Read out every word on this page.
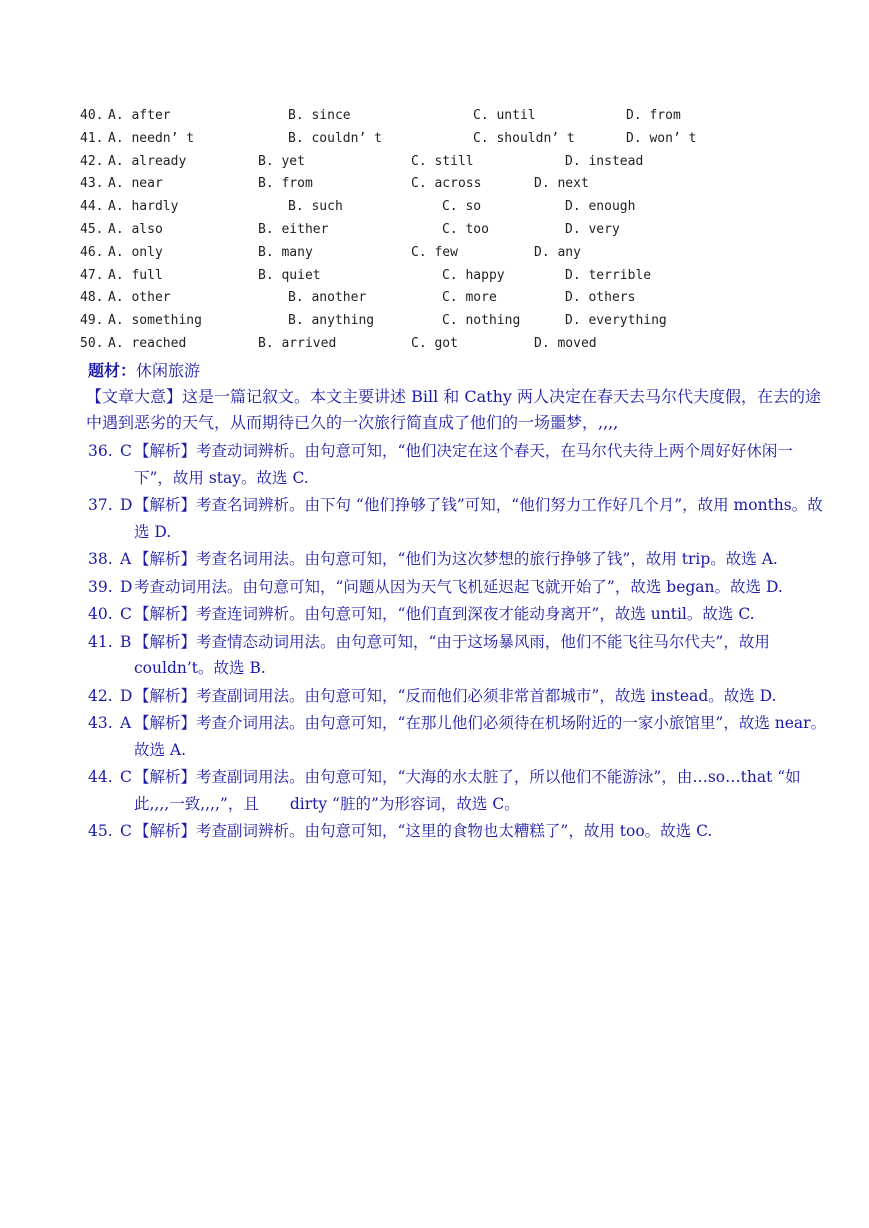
40. A. after	B. since	C. until	D. from
41. A. needn’ t	B. couldn’ t	C. shouldn’ t	D. won’ t
42. A. already	B. yet	C. still	D. instead
43. A. near	B. from	C. across	D. next
44. A. hardly	B. such	C. so	D. enough
45. A. also	B. either	C. too	D. very
46. A. only	B. many	C. few	D. any
47. A. full	B. quiet	C. happy	D. terrible
48. A. other	B. another	C. more	D. others
49. A. something	B. anything	C. nothing	D. everything
50. A. reached	B. arrived	C. got	D. moved
题材：休闲旅游
【文章大意】这是一篇记叙文。本文主要讲述 Bill 和 Cathy 两人决定在春天去马尔代夫度假，在去的途中遇到恶劣的天气，从而期待已久的一次旅行简直成了他们的一场噩梦，,,,,
36. C 【解析】考查动词辨析。由句意可知，“他们决定在这个春天，在马尔代夫待上两个周好好休闲一下”，故用 stay。故选 C.
37. D 【解析】考查名词辨析。由下句 “他们挣够了钱”可知，“他们努力工作好几个月”，故用 months。故选 D.
38. A 【解析】考查名词用法。由句意可知，“他们为这次梦想的旅行挣够了钱”，故用 trip。故选 A.
39. D 考查动词用法。由句意可知，“问题从因为天气飞机延迟起飞就开始了”，故选 began。故选 D.
40. C 【解析】考查连词辨析。由句意可知，“他们直到深夜才能动身离开”，故选 until。故选 C.
41. B 【解析】考查情态动词用法。由句意可知，“由于这场暴风雨，他们不能飞往马尔代夫”，故用 couldn’t。故选 B.
42. D 【解析】考查副词用法。由句意可知，“反而他们必须非常首都城市”，故选 instead。故选 D.
43. A 【解析】考查介词用法。由句意可知，“在那儿他们必须待在机场附近的一家小旅馆里”，故选 near。故选 A.
44. C 【解析】考查副词用法。由句意可知，“大海的水太脏了，所以他们不能游泳”，由…so…that “如此,,,,一致,,,,”，且　　dirty “脏的”为形容词，故选 C。
45. C 【解析】考查副词辨析。由句意可知，“这里的食物也太糟糕了”，故用 too。故选 C.
